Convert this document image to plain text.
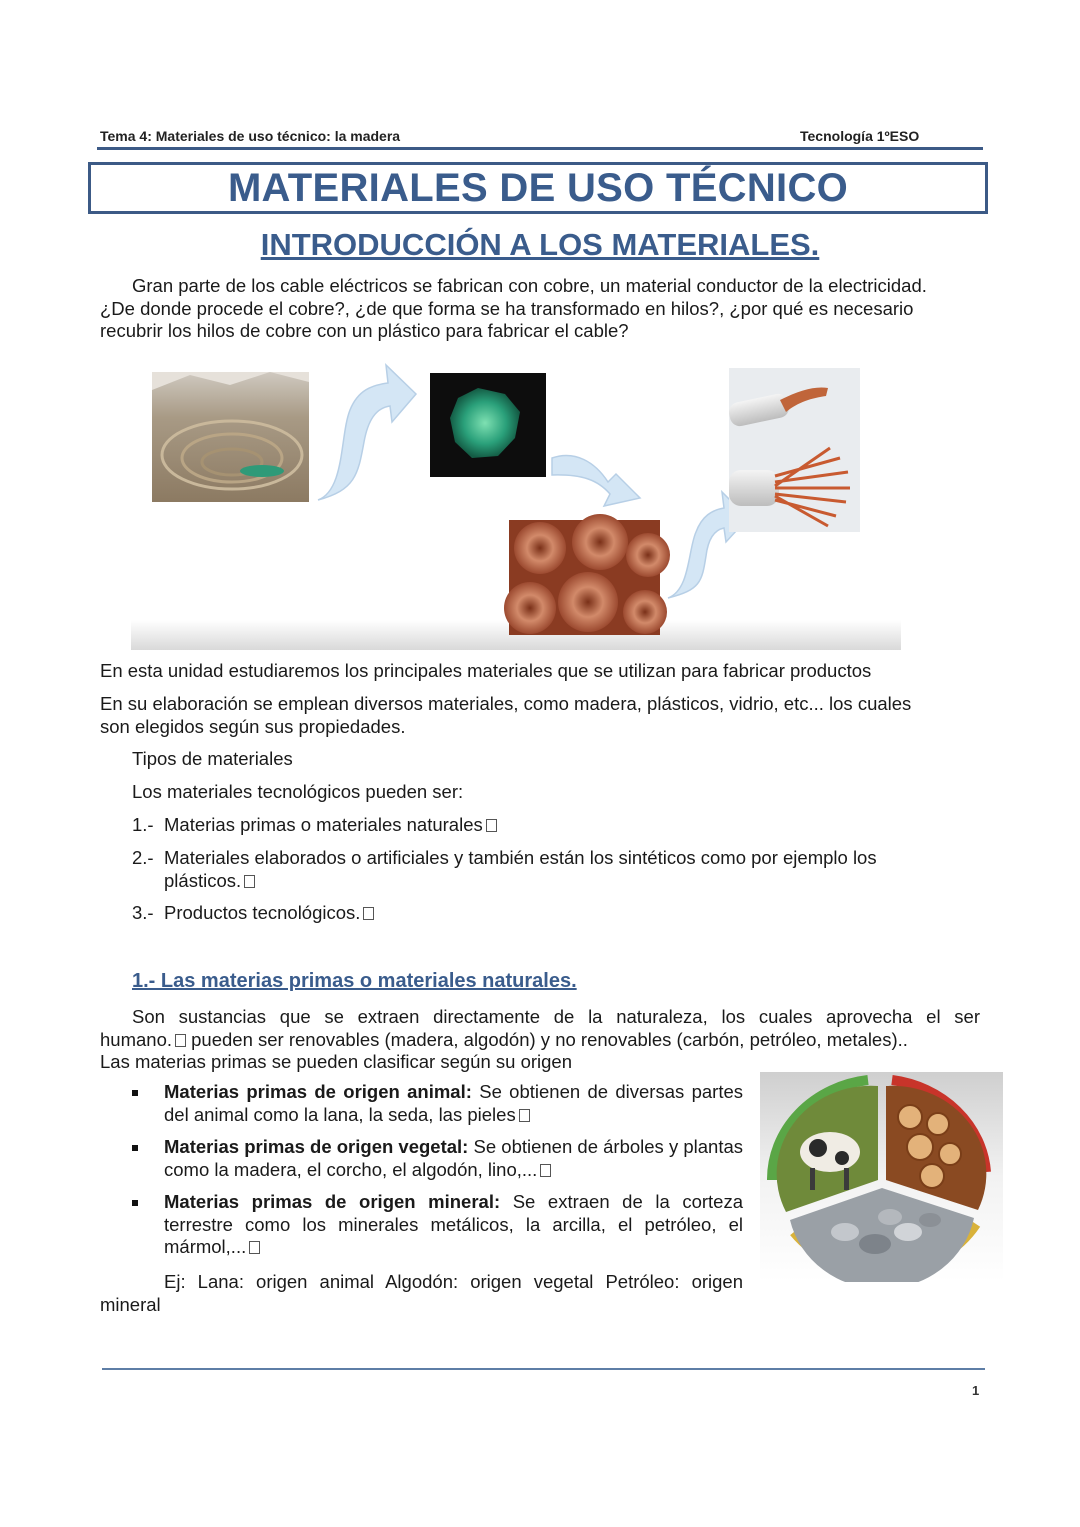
Tema 4: Materiales de uso técnico: la madera	Tecnología 1ºESO
MATERIALES DE USO TÉCNICO
INTRODUCCIÓN A LOS MATERIALES.
Gran parte de los cable eléctricos se fabrican con cobre, un material conductor de la electricidad.
¿De donde procede el cobre?, ¿de que forma se ha transformado en hilos?, ¿por qué es necesario
recubrir los hilos de cobre con un plástico para fabricar el cable?
En esta unidad estudiaremos los principales materiales que se utilizan para fabricar productos
En su elaboración se emplean diversos materiales, como madera, plásticos, vidrio, etc... los cuales
son elegidos según sus propiedades.
Tipos de materiales
Los materiales tecnológicos pueden ser:
1.- Materias primas o materiales naturales
2.- Materiales elaborados o artificiales y también están los sintéticos como por ejemplo los
plásticos.
3.- Productos tecnológicos.
1.- Las materias primas o materiales naturales.
Son sustancias que se extraen directamente de la naturaleza, los cuales aprovecha el ser
humano. pueden ser renovables (madera, algodón) y no renovables (carbón, petróleo, metales)..
Las materias primas se pueden clasificar según su origen
Materias primas de origen animal: Se obtienen de diversas partes del animal como la lana, la seda, las pieles
Materias primas de origen vegetal: Se obtienen de árboles y plantas como la madera, el corcho, el algodón, lino,...
Materias primas de origen mineral: Se extraen de la corteza terrestre como los minerales metálicos, la arcilla, el petróleo, el mármol,...
Ej: Lana: origen animal Algodón: origen vegetal Petróleo: origen
mineral
1
